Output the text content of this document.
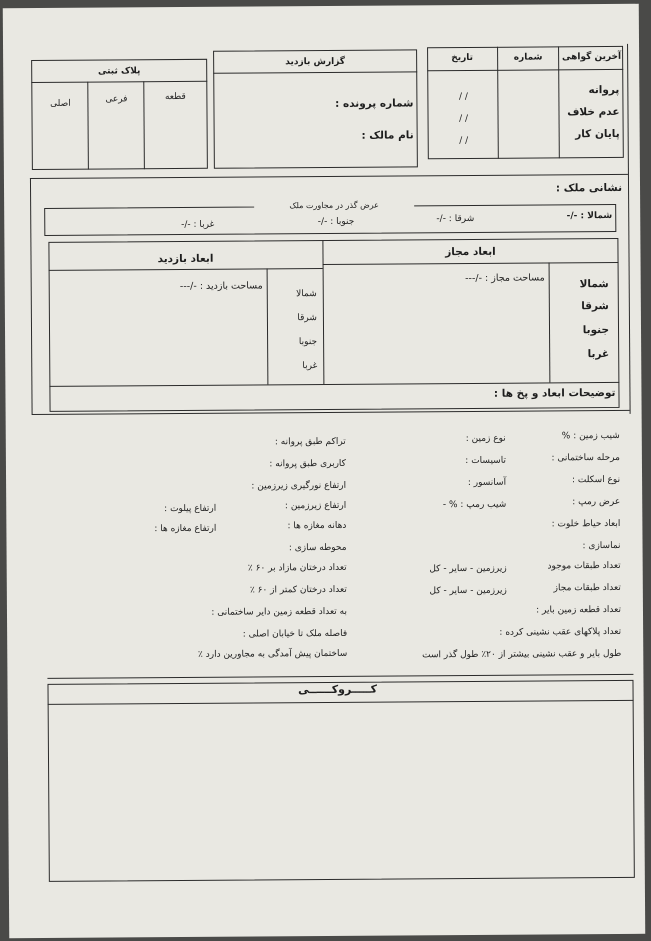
آخرین گواهی
شماره
تاریخ
پروانه
عدم خلاف
پایان کار
/ /
/ /
/ /
گزارش بازدید
شماره پرونده :
نام مالک :
پلاک ثبتی
قطعه
فرعی
اصلی
نشانی ملک :
عرض گذر در مجاورت ملک
شمالا : -/-
شرقا : -/-
جنوبا : -/-
غربا : -/-
ابعاد مجاز
ابعاد بازدید
مساحت مجاز : -/---
مساحت بازدید : -/---	شمالا
شرقا
جنوبا
غربا
شمالا
شرقا
جنوبا
غربا
توضیحات ابعاد و پخ ها :
شیب زمین : %
نوع زمین :
مرحله ساختمانی :
تاسیسات :
نوع اسکلت :
آسانسور :
عرض رمپ :
شیب رمپ : % -
ابعاد حیاط خلوت :
نماسازی :
تعداد طبقات موجود
زیرزمین - سایر - کل
تعداد طبقات مجاز
زیرزمین - سایر - کل
تعداد قطعه زمین بایر :
تعداد پلاکهای عقب نشینی کرده :
طول بایر و عقب نشینی بیشتر از ۲۰٪ طول گذر است
تراکم طبق پروانه :
کاربری طبق پروانه :
ارتفاع نورگیری زیرزمین :
ارتفاع زیرزمین :
ارتفاع پیلوت :
دهانه مغازه ها :
ارتفاع مغازه ها :
محوطه سازی :
تعداد درختان مازاد بر ۶۰ ٪
تعداد درختان کمتر از ۶۰ ٪
به تعداد قطعه زمین دایر ساختمانی :
فاصله ملک تا خیابان اصلی :
ساختمان پیش آمدگی به مجاورین دارد ٪
کـــــروکــــــی
